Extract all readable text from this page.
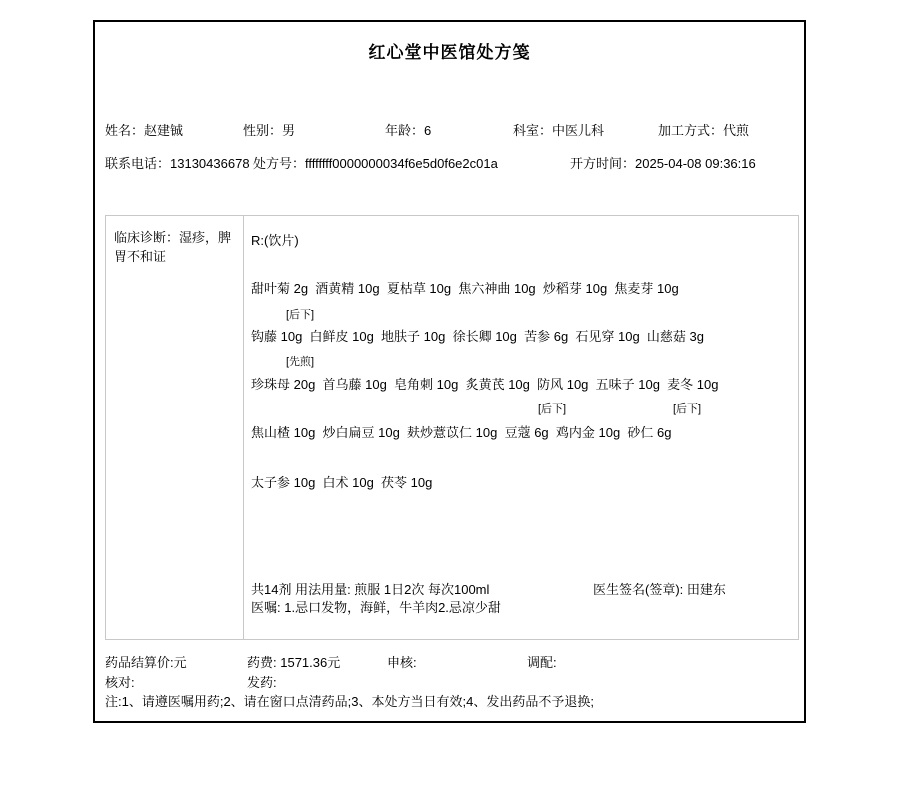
红心堂中医馆处方笺
姓名：赵建铖	性别：男	年龄：6	科室：中医儿科	加工方式：代煎
联系电话：13130436678 处方号：ffffffff0000000034f6e5d0f6e2c01a	开方时间：2025-04-08 09:36:16
临床诊断：湿疹，脾胃不和证
R:(饮片)
甜叶菊 2g  酒黄精 10g  夏枯草 10g  焦六神曲 10g  炒稻芽 10g  焦麦芽 10g
[后下]
钩藤 10g  白鲜皮 10g  地肤子 10g  徐长卿 10g  苦参 6g  石见穿 10g  山慈菇 3g
[先煎]
珍珠母 20g  首乌藤 10g  皂角刺 10g  炙黄芪 10g  防风 10g  五味子 10g  麦冬 10g
[后下]	[后下]
焦山楂 10g  炒白扁豆 10g  麸炒薏苡仁 10g  豆蔻 6g  鸡内金 10g  砂仁 6g
太子参 10g  白术 10g  茯苓 10g
共14剂 用法用量: 煎服 1日2次 每次100ml	医生签名(签章): 田建东
医嘱: 1.忌口发物，海鲜，牛羊肉2.忌凉少甜
药品结算价:元	药费: 1571.36元	申核:	调配:
核对:	发药:
注:1、请遵医嘱用药;2、请在窗口点清药品;3、本处方当日有效;4、发出药品不予退换;
